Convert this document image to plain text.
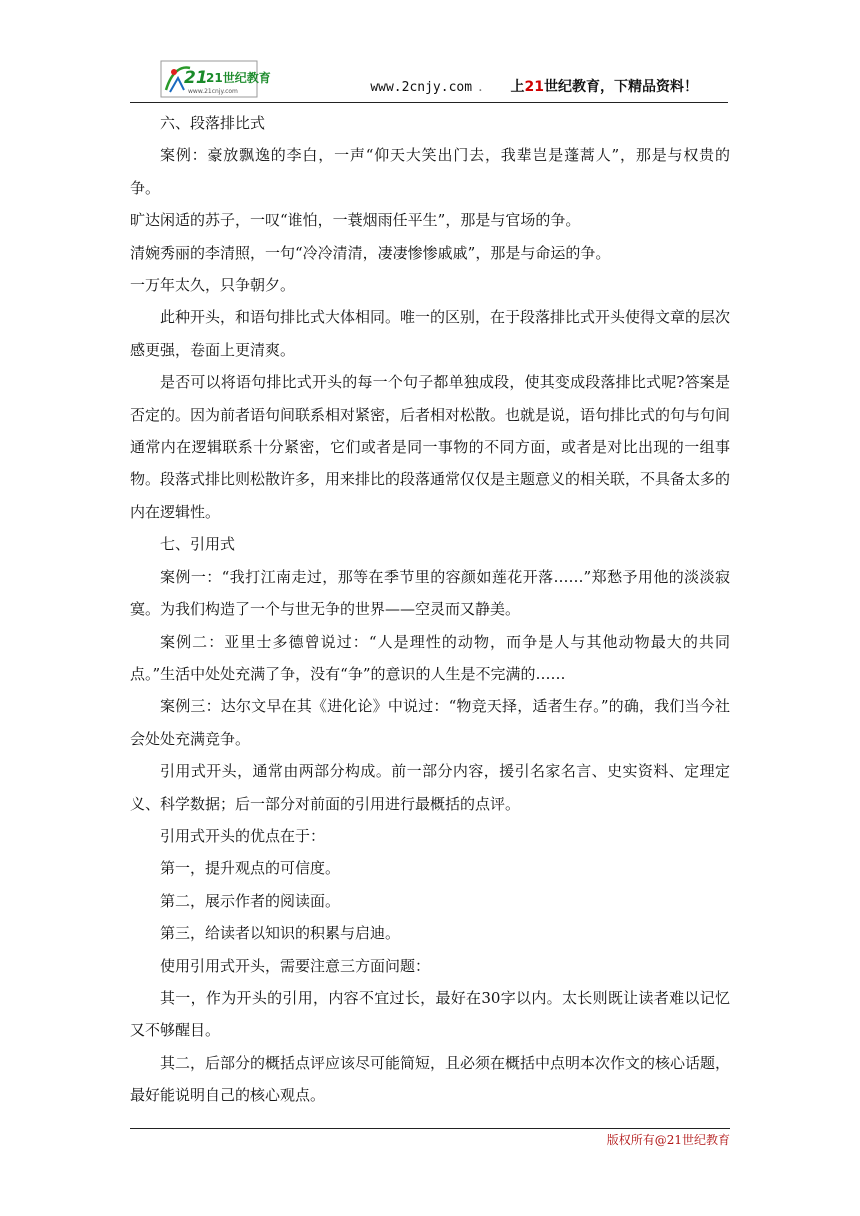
21
21世纪教育
www.21cnjy.com	www.2cnjy.com . 上21世纪教育，下精品资料！

六、段落排比式

案例：豪放飘逸的李白，一声“仰天大笑出门去，我辈岂是蓬蒿人”，那是与权贵的争。

旷达闲适的苏子，一叹“谁怕，一蓑烟雨任平生”，那是与官场的争。

清婉秀丽的李清照，一句“冷冷清清，凄凄惨惨戚戚”，那是与命运的争。

一万年太久，只争朝夕。

此种开头，和语句排比式大体相同。唯一的区别，在于段落排比式开头使得文章的层次感更强，卷面上更清爽。

是否可以将语句排比式开头的每一个句子都单独成段，使其变成段落排比式呢?答案是否定的。因为前者语句间联系相对紧密，后者相对松散。也就是说，语句排比式的句与句间通常内在逻辑联系十分紧密，它们或者是同一事物的不同方面，或者是对比出现的一组事物。段落式排比则松散许多，用来排比的段落通常仅仅是主题意义的相关联，不具备太多的内在逻辑性。

七、引用式

案例一：“我打江南走过，那等在季节里的容颜如莲花开落……”郑愁予用他的淡淡寂寞。为我们构造了一个与世无争的世界——空灵而又静美。

案例二：亚里士多德曾说过：“人是理性的动物，而争是人与其他动物最大的共同点。”生活中处处充满了争，没有“争”的意识的人生是不完满的……

案例三：达尔文早在其《进化论》中说过：“物竞天择，适者生存。”的确，我们当今社会处处充满竞争。

引用式开头，通常由两部分构成。前一部分内容，援引名家名言、史实资料、定理定义、科学数据；后一部分对前面的引用进行最概括的点评。

引用式开头的优点在于：

第一，提升观点的可信度。

第二，展示作者的阅读面。

第三，给读者以知识的积累与启迪。

使用引用式开头，需要注意三方面问题：

其一，作为开头的引用，内容不宜过长，最好在30字以内。太长则既让读者难以记忆又不够醒目。

其二，后部分的概括点评应该尽可能简短，且必须在概括中点明本次作文的核心话题，最好能说明自己的核心观点。

版权所有@21世纪教育
